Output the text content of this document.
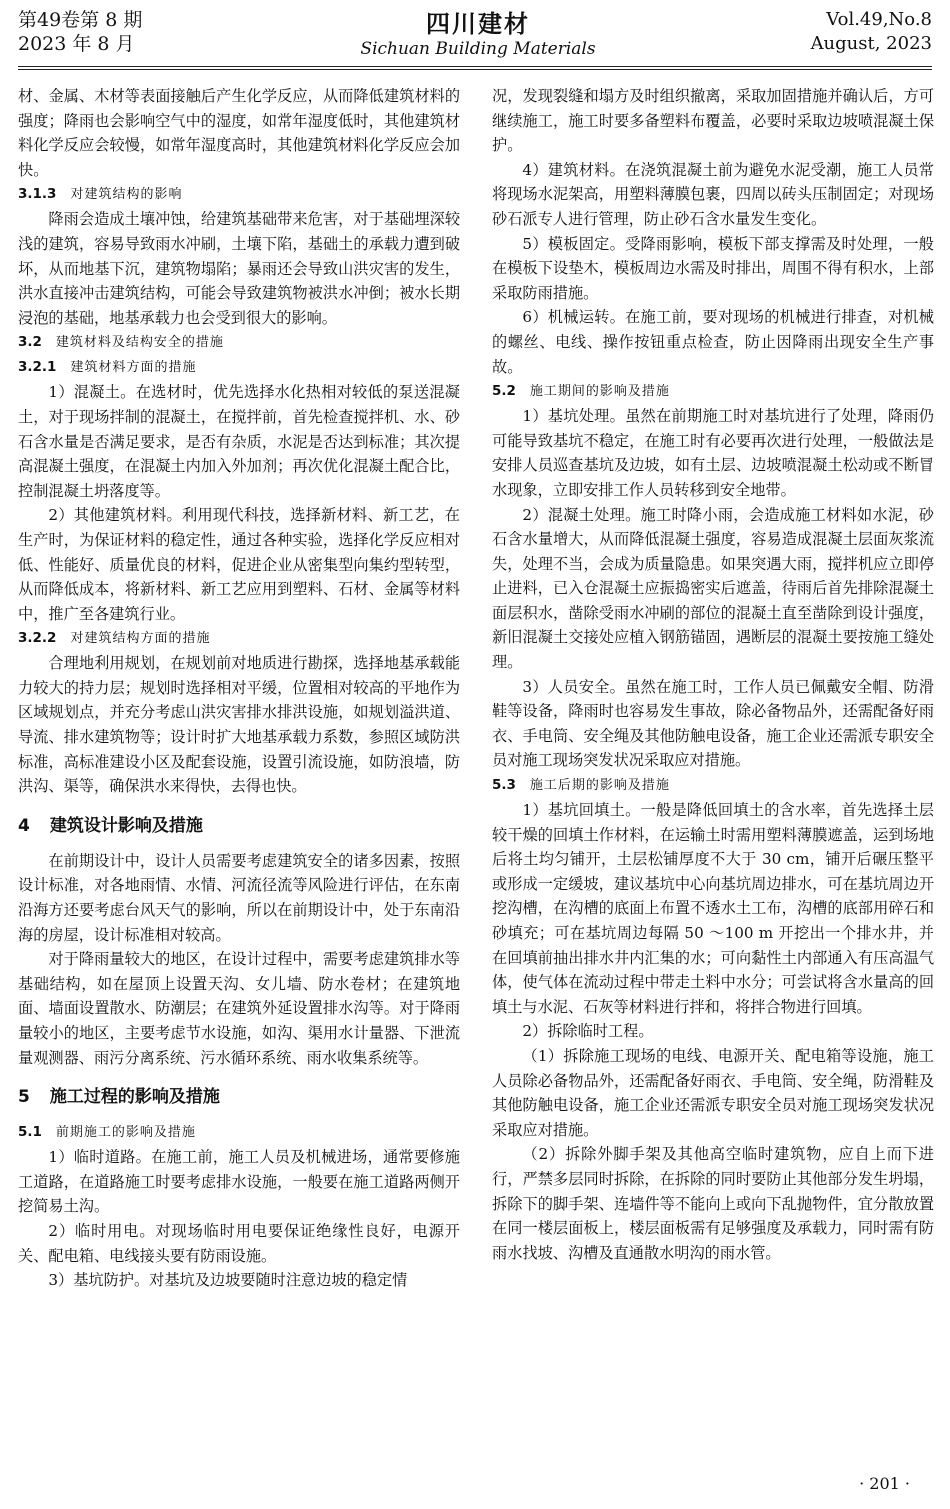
第49卷第 8 期
2023 年 8 月
四川建材
Sichuan Building Materials
Vol.49,No.8
August, 2023

材、金属、木材等表面接触后产生化学反应，从而降低建筑材料的强度；降雨也会影响空气中的湿度，如常年湿度低时，其他建筑材料化学反应会较慢，如常年湿度高时，其他建筑材料化学反应会加快。

3.1.3 对建筑结构的影响

降雨会造成土壤冲蚀，给建筑基础带来危害，对于基础埋深较浅的建筑，容易导致雨水冲刷，土壤下陷，基础土的承载力遭到破坏，从而地基下沉，建筑物塌陷；暴雨还会导致山洪灾害的发生，洪水直接冲击建筑结构，可能会导致建筑物被洪水冲倒；被水长期浸泡的基础，地基承载力也会受到很大的影响。

3.2 建筑材料及结构安全的措施
3.2.1 建筑材料方面的措施

1）混凝土。在选材时，优先选择水化热相对较低的泵送混凝土，对于现场拌制的混凝土，在搅拌前，首先检查搅拌机、水、砂石含水量是否满足要求，是否有杂质，水泥是否达到标准；其次提高混凝土强度，在混凝土内加入外加剂；再次优化混凝土配合比，控制混凝土坍落度等。

2）其他建筑材料。利用现代科技，选择新材料、新工艺，在生产时，为保证材料的稳定性，通过各种实验，选择化学反应相对低、性能好、质量优良的材料，促进企业从密集型向集约型转型，从而降低成本，将新材料、新工艺应用到塑料、石材、金属等材料中，推广至各建筑行业。

3.2.2 对建筑结构方面的措施

合理地利用规划，在规划前对地质进行勘探，选择地基承载能力较大的持力层；规划时选择相对平缓，位置相对较高的平地作为区域规划点，并充分考虑山洪灾害排水排洪设施，如规划溢洪道、导流、排水建筑物等；设计时扩大地基承载力系数，参照区域防洪标准，高标准建设小区及配套设施，设置引流设施，如防浪墙，防洪沟、渠等，确保洪水来得快，去得也快。

4 建筑设计影响及措施

在前期设计中，设计人员需要考虑建筑安全的诸多因素，按照设计标准，对各地雨情、水情、河流径流等风险进行评估，在东南沿海方还要考虑台风天气的影响，所以在前期设计中，处于东南沿海的房屋，设计标准相对较高。

对于降雨量较大的地区，在设计过程中，需要考虑建筑排水等基础结构，如在屋顶上设置天沟、女儿墙、防水卷材；在建筑地面、墙面设置散水、防潮层；在建筑外延设置排水沟等。对于降雨量较小的地区，主要考虑节水设施，如沟、渠用水计量器、下泄流量观测器、雨污分离系统、污水循环系统、雨水收集系统等。

5 施工过程的影响及措施
5.1 前期施工的影响及措施

1）临时道路。在施工前，施工人员及机械进场，通常要修施工道路，在道路施工时要考虑排水设施，一般要在施工道路两侧开挖简易土沟。

2）临时用电。对现场临时用电要保证绝缘性良好，电源开关、配电箱、电线接头要有防雨设施。

3）基坑防护。对基坑及边坡要随时注意边坡的稳定情

况，发现裂缝和塌方及时组织撤离，采取加固措施并确认后，方可继续施工，施工时要多备塑料布覆盖，必要时采取边坡喷混凝土保护。

4）建筑材料。在浇筑混凝土前为避免水泥受潮，施工人员常将现场水泥架高，用塑料薄膜包裹，四周以砖头压制固定；对现场砂石派专人进行管理，防止砂石含水量发生变化。

5）模板固定。受降雨影响，模板下部支撑需及时处理，一般在模板下设垫木，模板周边水需及时排出，周围不得有积水，上部采取防雨措施。

6）机械运转。在施工前，要对现场的机械进行排查，对机械的螺丝、电线、操作按钮重点检查，防止因降雨出现安全生产事故。

5.2 施工期间的影响及措施

1）基坑处理。虽然在前期施工时对基坑进行了处理，降雨仍可能导致基坑不稳定，在施工时有必要再次进行处理，一般做法是安排人员巡查基坑及边坡，如有土层、边坡喷混凝土松动或不断冒水现象，立即安排工作人员转移到安全地带。

2）混凝土处理。施工时降小雨，会造成施工材料如水泥，砂石含水量增大，从而降低混凝土强度，容易造成混凝土层面灰浆流失，处理不当，会成为质量隐患。如果突遇大雨，搅拌机应立即停止进料，已入仓混凝土应振捣密实后遮盖，待雨后首先排除混凝土面层积水，凿除受雨水冲刷的部位的混凝土直至凿除到设计强度，新旧混凝土交接处应植入钢筋锚固，遇断层的混凝土要按施工缝处理。

3）人员安全。虽然在施工时，工作人员已佩戴安全帽、防滑鞋等设备，降雨时也容易发生事故，除必备物品外，还需配备好雨衣、手电筒、安全绳及其他防触电设备，施工企业还需派专职安全员对施工现场突发状况采取应对措施。

5.3 施工后期的影响及措施

1）基坑回填土。一般是降低回填土的含水率，首先选择土层较干燥的回填土作材料，在运输土时需用塑料薄膜遮盖，运到场地后将土均匀铺开，土层松铺厚度不大于 30 cm，铺开后碾压整平或形成一定缓坡，建议基坑中心向基坑周边排水，可在基坑周边开挖沟槽，在沟槽的底面上布置不透水土工布，沟槽的底部用碎石和砂填充；可在基坑周边每隔 50 ～100 m 开挖出一个排水井，并在回填前抽出排水井内汇集的水；可向黏性土内部通入有压高温气体，使气体在流动过程中带走土料中水分；可尝试将含水量高的回填土与水泥、石灰等材料进行拌和，将拌合物进行回填。

2）拆除临时工程。

（1）拆除施工现场的电线、电源开关、配电箱等设施，施工人员除必备物品外，还需配备好雨衣、手电筒、安全绳，防滑鞋及其他防触电设备，施工企业还需派专职安全员对施工现场突发状况采取应对措施。

（2）拆除外脚手架及其他高空临时建筑物，应自上而下进行，严禁多层同时拆除，在拆除的同时要防止其他部分发生坍塌，拆除下的脚手架、连墙件等不能向上或向下乱抛物件，宜分散放置在同一楼层面板上，楼层面板需有足够强度及承载力，同时需有防雨水找坡、沟槽及直通散水明沟的雨水管。

· 201 ·
